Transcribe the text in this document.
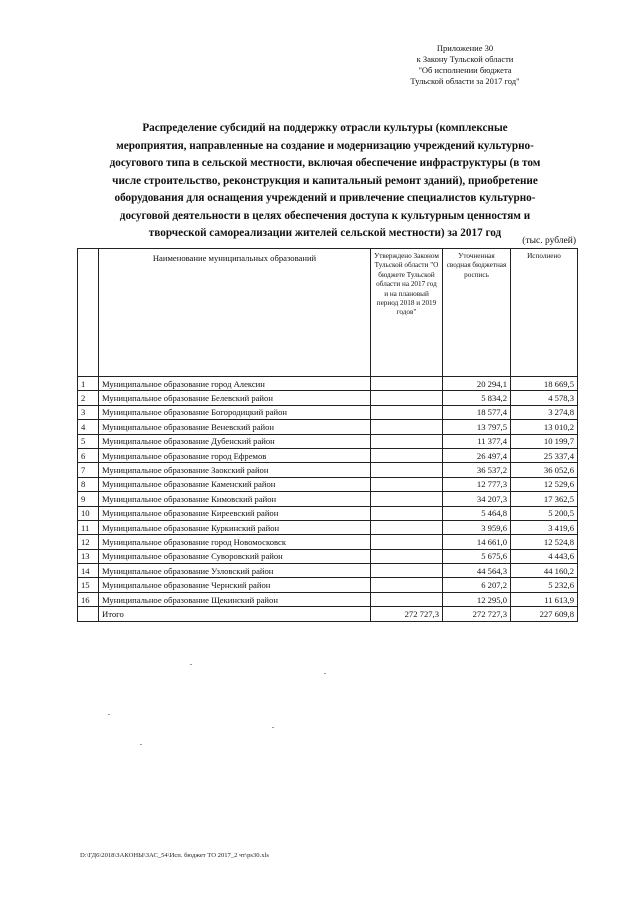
Приложение 30
к Закону Тульской области
"Об исполнении бюджета
Тульской области за 2017 год"
Распределение субсидий на поддержку отрасли культуры (комплексные
мероприятия, направленные на создание и модернизацию учреждений культурно-
досугового типа в сельской местности, включая обеспечение инфраструктуры (в том
числе строительство, реконструкция и капитальный ремонт зданий), приобретение
оборудования для оснащения учреждений и привлечение специалистов культурно-
досуговой деятельности в целях обеспечения доступа к культурным ценностям и
творческой самореализации жителей сельской местности) за 2017 год
(тыс. рублей)
	Наименование муниципальных образований	Утверждено Законом Тульской области "О бюджете Тульской области на 2017 год и на плановый период 2018 и 2019 годов"	Уточненная сводная бюджетная роспись	Исполнено
1	Муниципальное образование город Алексин		20 294,1	18 669,5
2	Муниципальное образование Белевский район		5 834,2	4 578,3
3	Муниципальное образование Богородицкий район		18 577,4	3 274,8
4	Муниципальное образование Веневский район		13 797,5	13 010,2
5	Муниципальное образование Дубенский район		11 377,4	10 199,7
6	Муниципальное образование город Ефремов		26 497,4	25 337,4
7	Муниципальное образование Заокский район		36 537,2	36 052,6
8	Муниципальное образование Каменский район		12 777,3	12 529,6
9	Муниципальное образование Кимовский район		34 207,3	17 362,5
10	Муниципальное образование Киреевский район		5 464,8	5 200,5
11	Муниципальное образование Куркинский район		3 959,6	3 419,6
12	Муниципальное образование город Новомосковск		14 661,0	12 524,8
13	Муниципальное образование Суворовский район		5 675,6	4 443,6
14	Муниципальное образование Узловский район		44 564,3	44 160,2
15	Муниципальное образование Чернский район		6 207,2	5 232,6
16	Муниципальное образование Щекинский район		12 295,0	11 613,9
	Итого	272 727,3	272 727,3	227 609,8
D:\ГД6\2018\ЗАКОНЫ\ЗАС_54\Исп. бюджет ТО 2017_2 чт\ps30.xls
